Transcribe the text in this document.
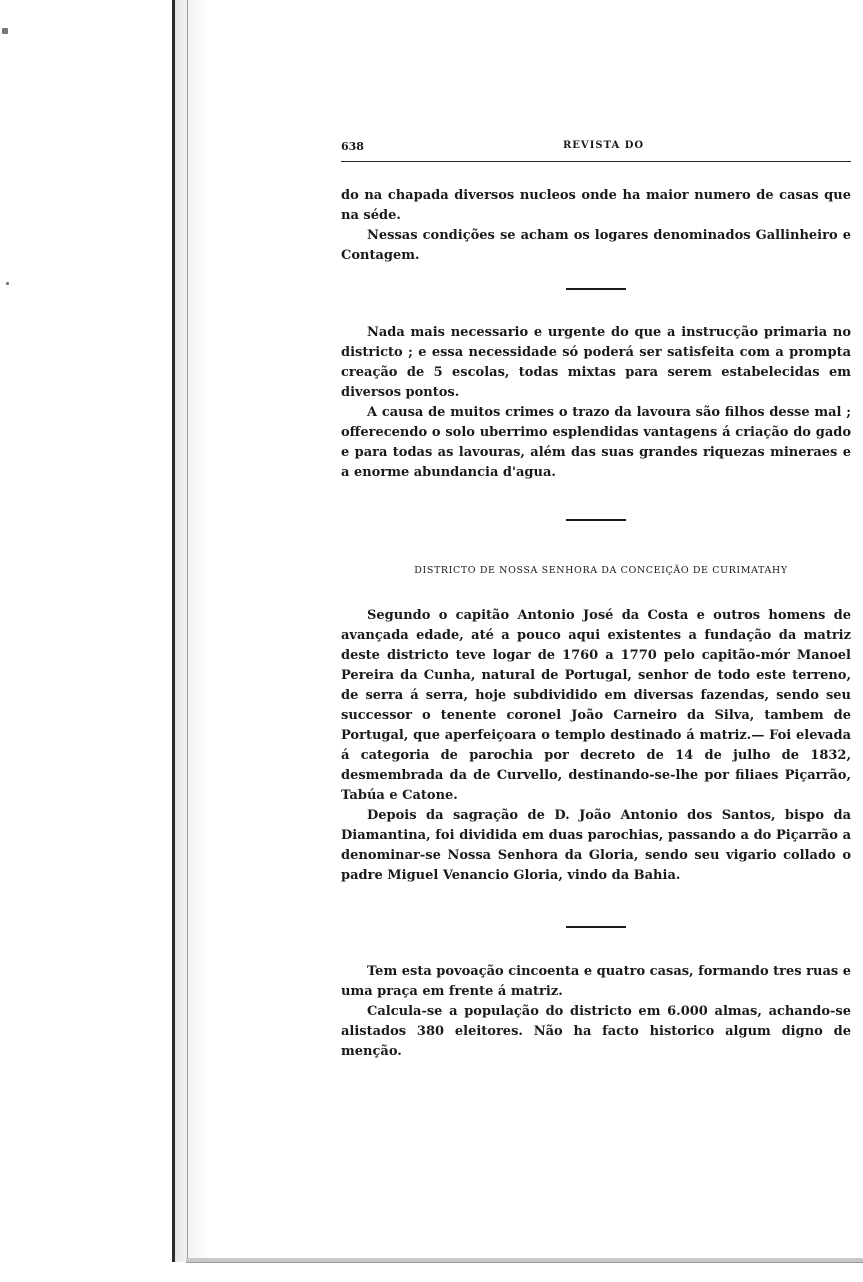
638	REVISTA DO

do na chapada diversos nucleos onde ha maior numero de casas que na séde.

Nessas condições se acham os logares denominados Gallinheiro e Contagem.

Nada mais necessario e urgente do que a instrucção primaria no districto ; e essa necessidade só poderá ser satisfeita com a prompta creação de 5 escolas, todas mixtas para serem estabelecidas em diversos pontos.

A causa de muitos crimes o trazo da lavoura são filhos desse mal ; offerecendo o solo uberrimo esplendidas vantagens á criação do gado e para todas as lavouras, além das suas grandes riquezas mineraes e a enorme abundancia d'agua.

DISTRICTO DE NOSSA SENHORA DA CONCEIÇÃO DE CURIMATAHY

Segundo o capitão Antonio José da Costa e outros homens de avançada edade, até a pouco aqui existentes a fundação da matriz deste districto teve logar de 1760 a 1770 pelo capitão-mór Manoel Pereira da Cunha, natural de Portugal, senhor de todo este terreno, de serra á serra, hoje subdividido em diversas fazendas, sendo seu successor o tenente coronel João Carneiro da Silva, tambem de Portugal, que aperfeiçoara o templo destinado á matriz.— Foi elevada á categoria de parochia por decreto de 14 de julho de 1832, desmembrada da de Curvello, destinando-se-lhe por filiaes Piçarrão, Tabúa e Catone.

Depois da sagração de D. João Antonio dos Santos, bispo da Diamantina, foi dividida em duas parochias, passando a do Piçarrão a denominar-se Nossa Senhora da Gloria, sendo seu vigario collado o padre Miguel Venancio Gloria, vindo da Bahia.

Tem esta povoação cincoenta e quatro casas, formando tres ruas e uma praça em frente á matriz.

Calcula-se a população do districto em 6.000 almas, achando-se alistados 380 eleitores. Não ha facto historico algum digno de menção.
